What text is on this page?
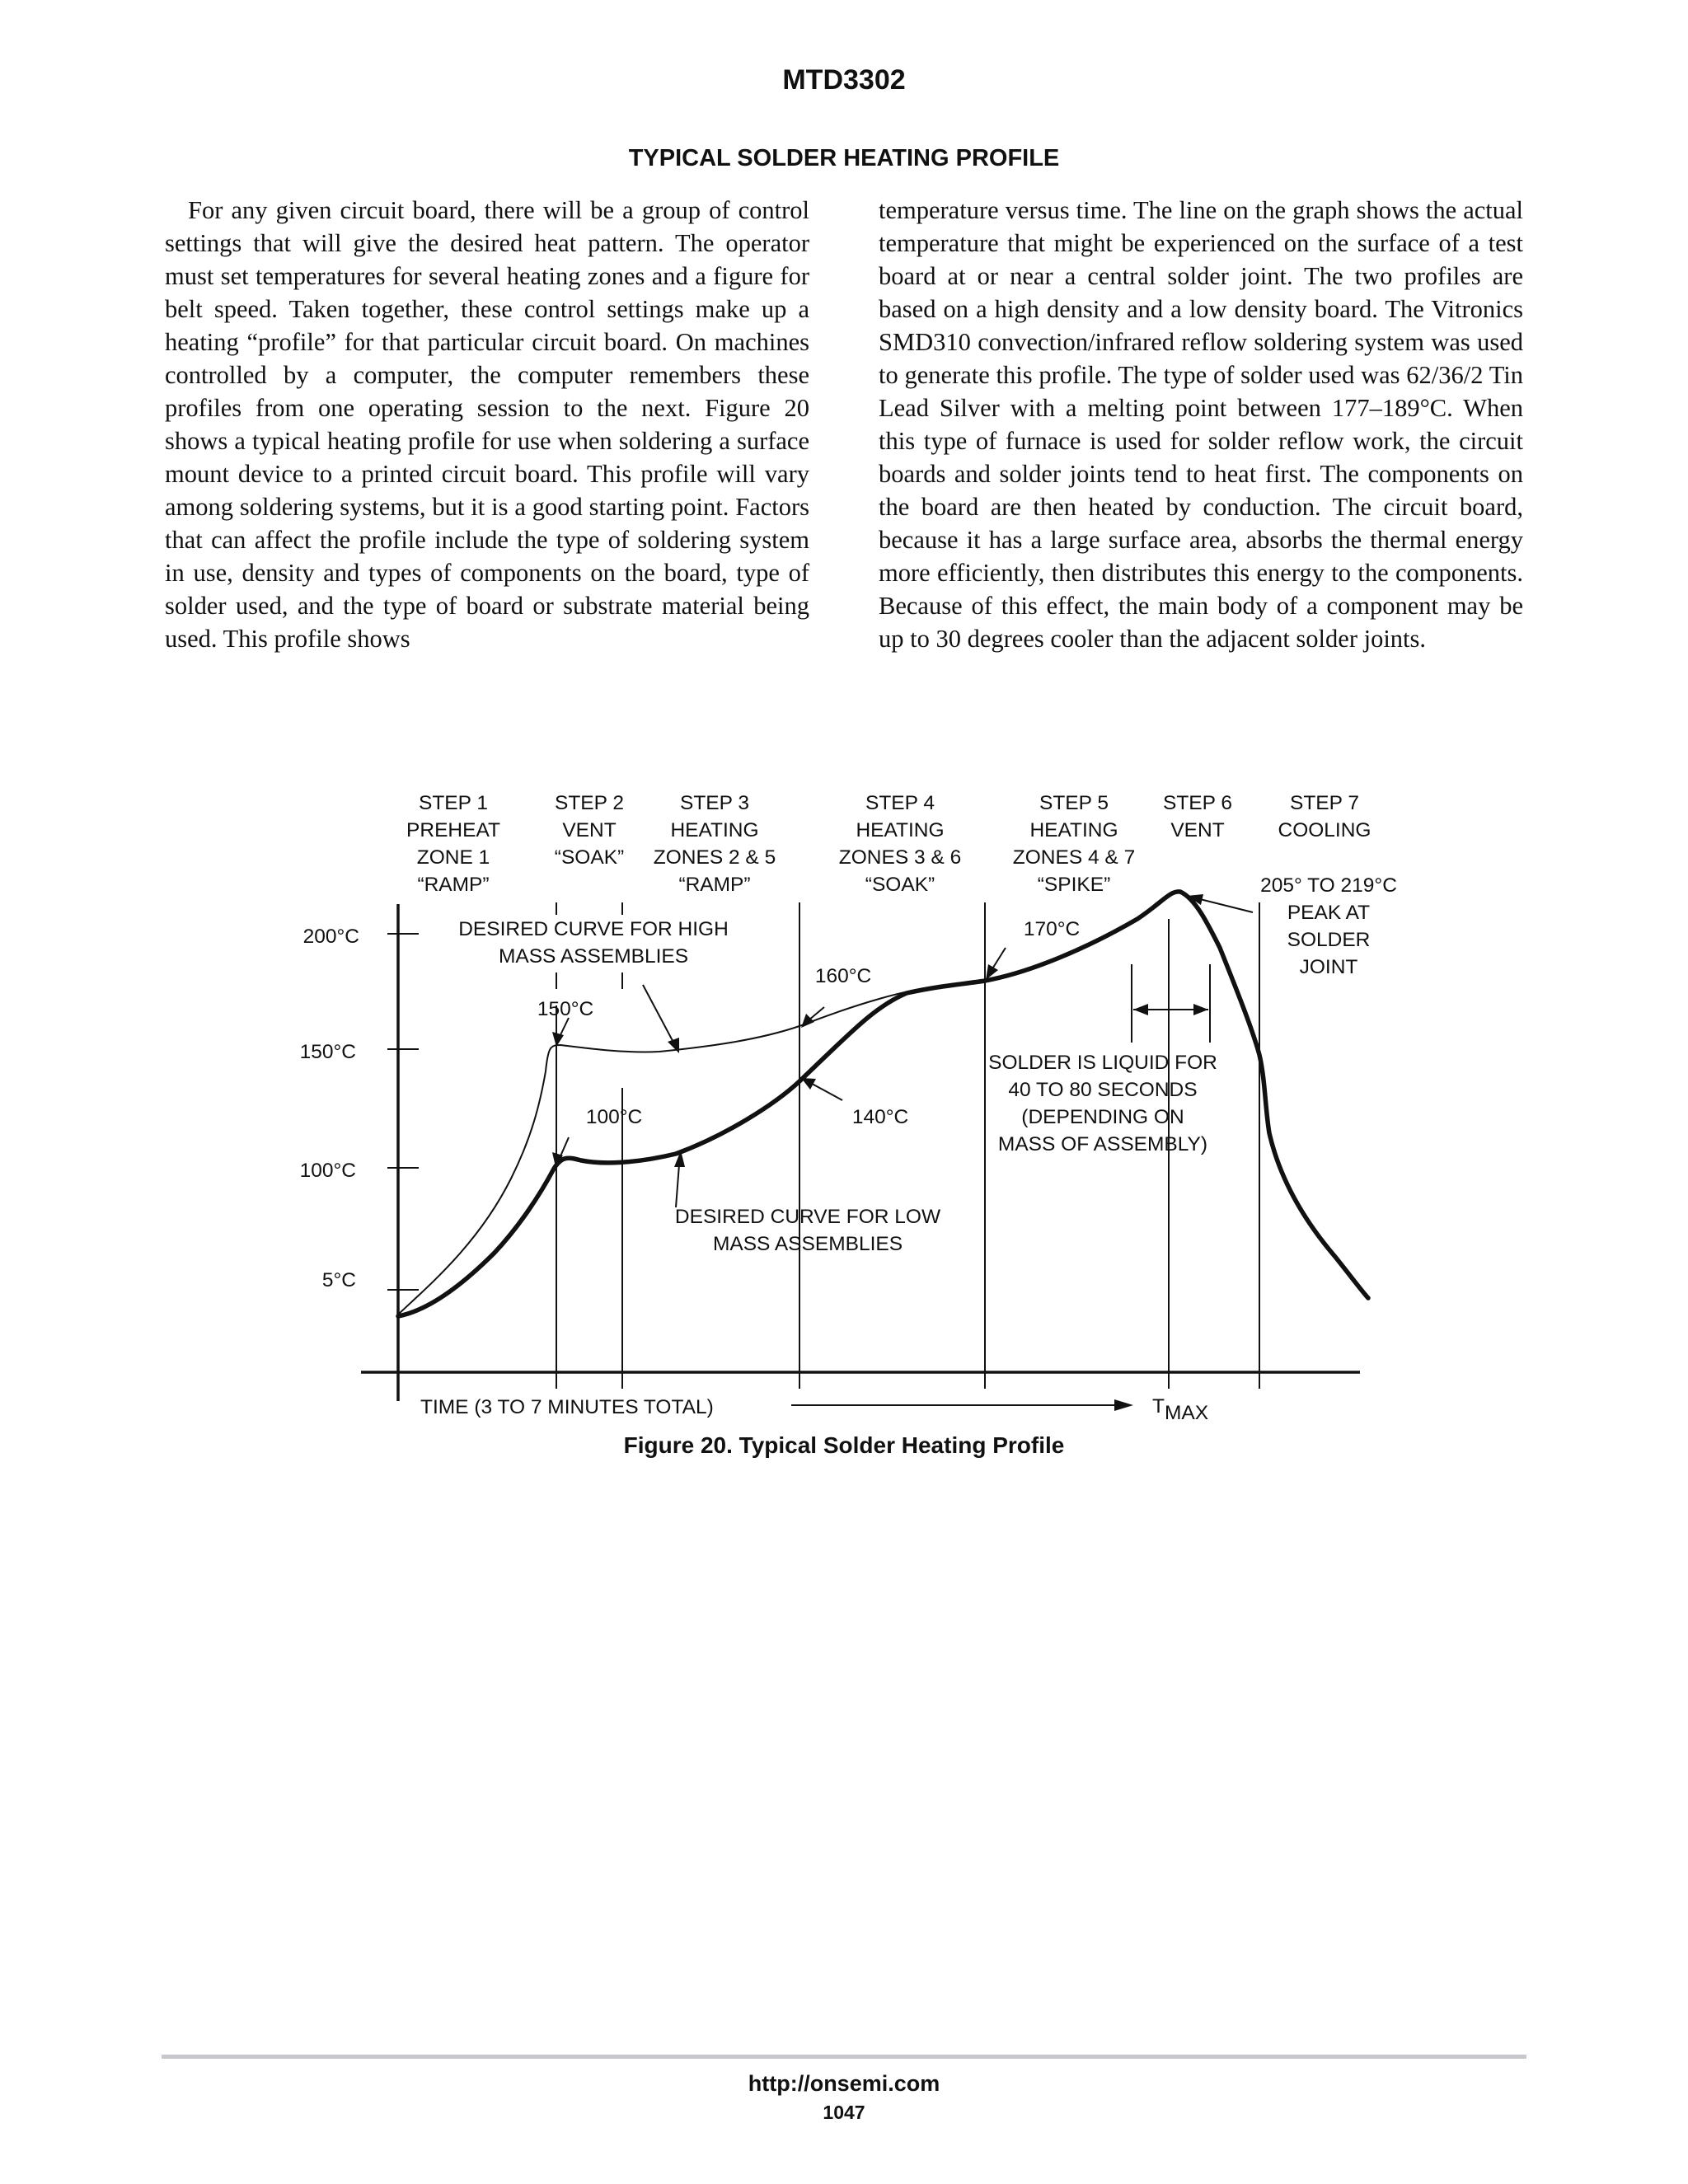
MTD3302
TYPICAL SOLDER HEATING PROFILE

For any given circuit board, there will be a group of control settings that will give the desired heat pattern. The operator must set temperatures for several heating zones and a figure for belt speed. Taken together, these control settings make up a heating “profile” for that particular circuit board. On machines controlled by a computer, the computer remembers these profiles from one operating session to the next. Figure 20 shows a typical heating profile for use when soldering a surface mount device to a printed circuit board. This profile will vary among soldering systems, but it is a good starting point. Factors that can affect the profile include the type of soldering system in use, density and types of components on the board, type of solder used, and the type of board or substrate material being used. This profile shows

temperature versus time. The line on the graph shows the actual temperature that might be experienced on the surface of a test board at or near a central solder joint. The two profiles are based on a high density and a low density board. The Vitronics SMD310 convection/infrared reflow soldering system was used to generate this profile. The type of solder used was 62/36/2 Tin Lead Silver with a melting point between 177–189°C. When this type of furnace is used for solder reflow work, the circuit boards and solder joints tend to heat first. The components on the board are then heated by conduction. The circuit board, because it has a large surface area, absorbs the thermal energy more efficiently, then distributes this energy to the components. Because of this effect, the main body of a component may be up to 30 degrees cooler than the adjacent solder joints.

STEP 1
PREHEAT
ZONE 1
“RAMP”
STEP 2
VENT
“SOAK”
STEP 3
HEATING
ZONES 2 & 5
“RAMP”
STEP 4
HEATING
ZONES 3 & 6
“SOAK”
STEP 5
HEATING
ZONES 4 & 7
“SPIKE”
STEP 6
VENT
STEP 7
COOLING
200°C
150°C
100°C
5°C
DESIRED CURVE FOR HIGH
MASS ASSEMBLIES
150°C
100°C
160°C
140°C
170°C
205° TO 219°C
PEAK AT
SOLDER
JOINT
SOLDER IS LIQUID FOR
40 TO 80 SECONDS
(DEPENDING ON
MASS OF ASSEMBLY)
DESIRED CURVE FOR LOW
MASS ASSEMBLIES
TIME (3 TO 7 MINUTES TOTAL)	TMAX
Figure 20. Typical Solder Heating Profile
http://onsemi.com
1047
